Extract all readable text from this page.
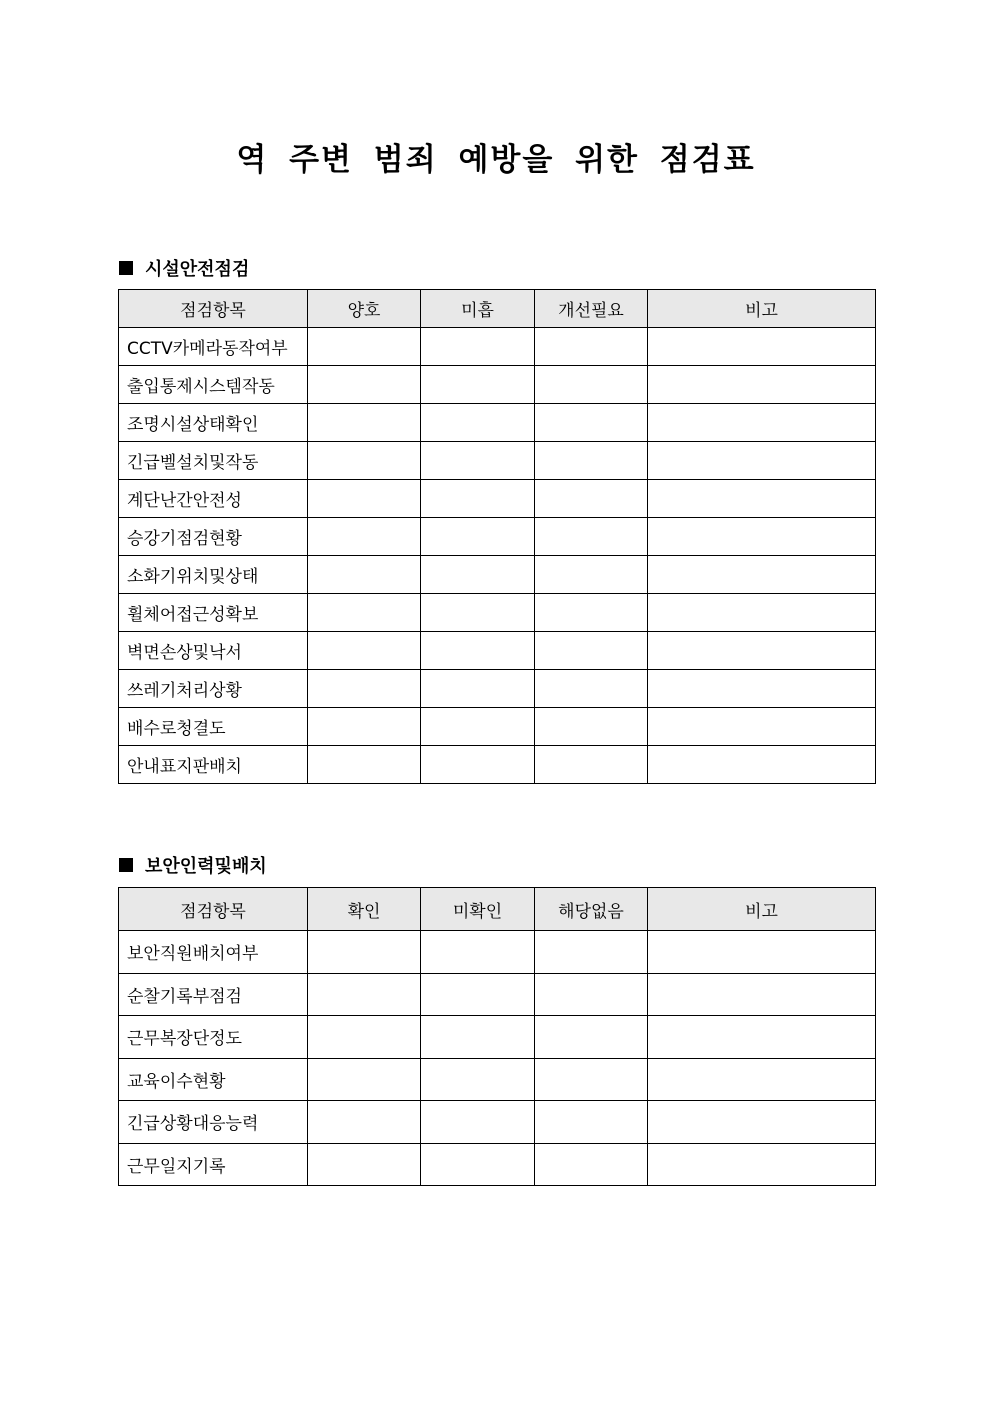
역 주변 범죄 예방을 위한 점검표
시설안전점검
점검항목	양호	미흡	개선필요	비고
CCTV카메라동작여부				
출입통제시스템작동				
조명시설상태확인				
긴급벨설치및작동				
계단난간안전성				
승강기점검현황				
소화기위치및상태				
휠체어접근성확보				
벽면손상및낙서				
쓰레기처리상황				
배수로청결도				
안내표지판배치				
보안인력및배치
점검항목	확인	미확인	해당없음	비고
보안직원배치여부				
순찰기록부점검				
근무복장단정도				
교육이수현황				
긴급상황대응능력				
근무일지기록				
